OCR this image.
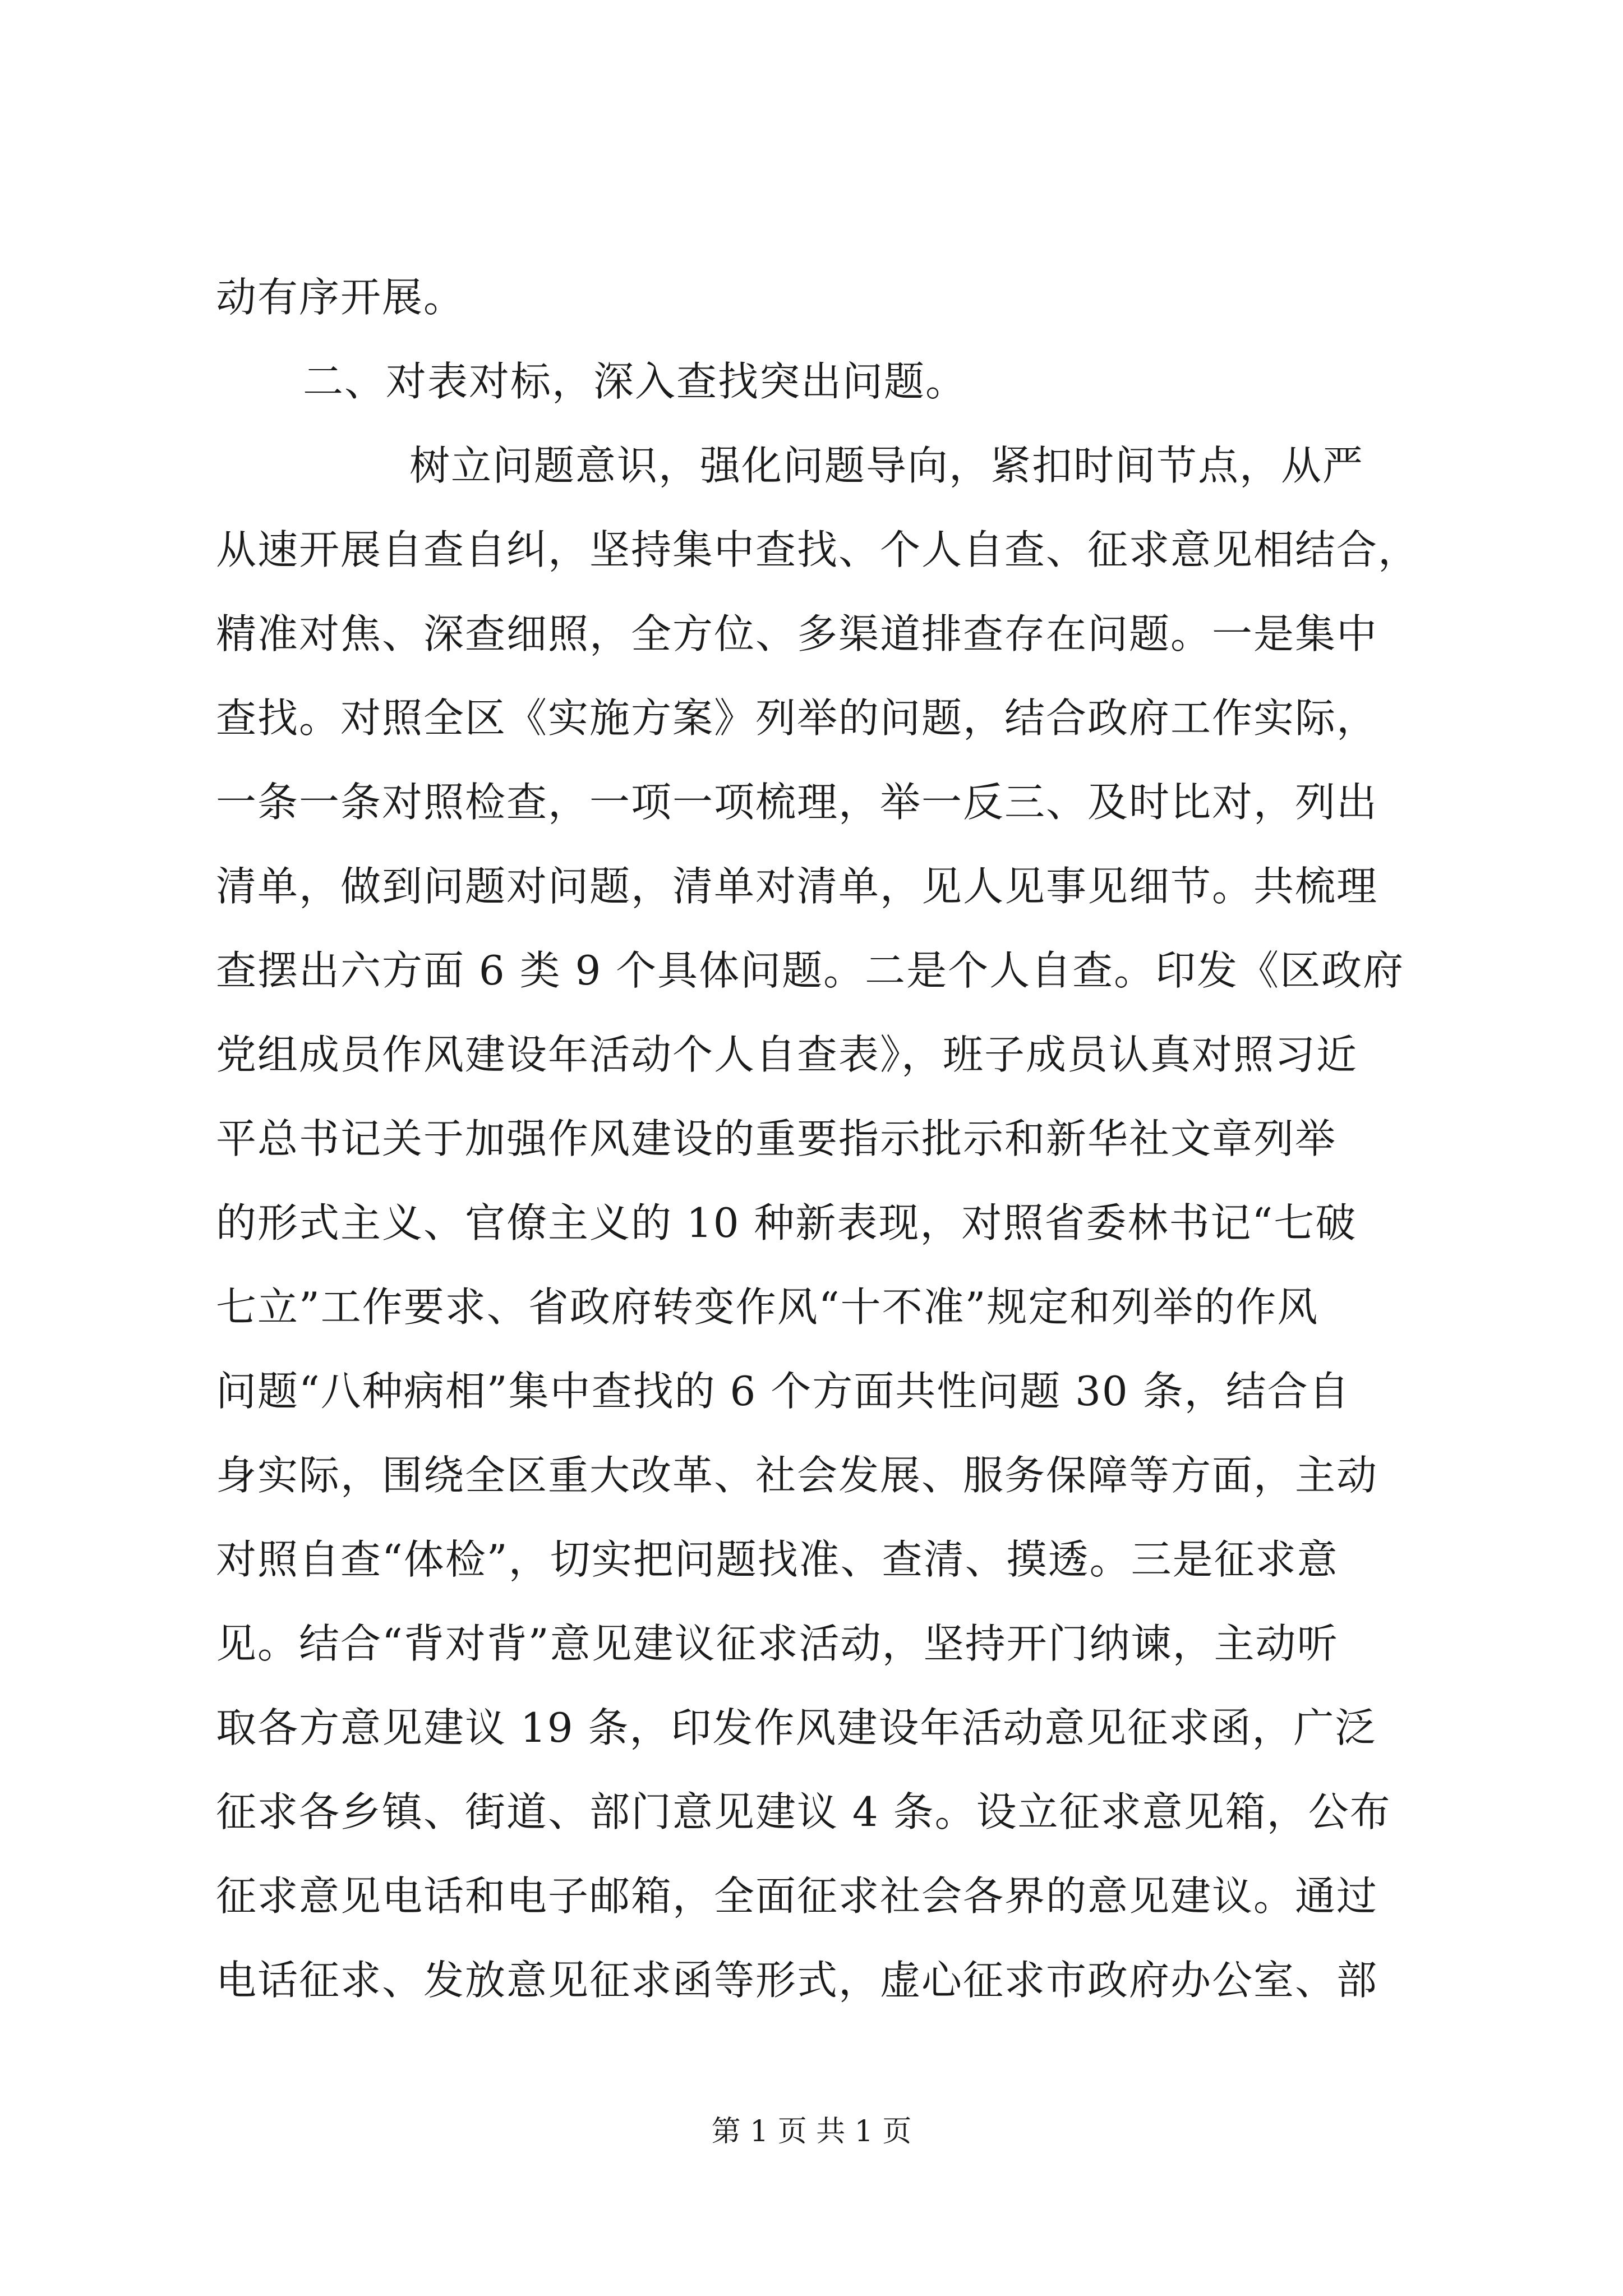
动有序开展。
二、对表对标，深入查找突出问题。
树立问题意识，强化问题导向，紧扣时间节点，从严
从速开展自查自纠，坚持集中查找、个人自查、征求意见相结合，
精准对焦、深查细照，全方位、多渠道排查存在问题。一是集中
查找。对照全区《实施方案》列举的问题，结合政府工作实际，
一条一条对照检查，一项一项梳理，举一反三、及时比对，列出
清单，做到问题对问题，清单对清单，见人见事见细节。共梳理
查摆出六方面 6 类 9 个具体问题。二是个人自查。印发《区政府
党组成员作风建设年活动个人自查表》，班子成员认真对照习近
平总书记关于加强作风建设的重要指示批示和新华社文章列举
的形式主义、官僚主义的 10 种新表现，对照省委林书记“七破
七立”工作要求、省政府转变作风“十不准”规定和列举的作风
问题“八种病相”集中查找的 6 个方面共性问题 30 条，结合自
身实际，围绕全区重大改革、社会发展、服务保障等方面，主动
对照自查“体检”，切实把问题找准、查清、摸透。三是征求意
见。结合“背对背”意见建议征求活动，坚持开门纳谏，主动听
取各方意见建议 19 条，印发作风建设年活动意见征求函，广泛
征求各乡镇、街道、部门意见建议 4 条。设立征求意见箱，公布
第 1 页 共 1 页
征求意见电话和电子邮箱，全面征求社会各界的意见建议。通过
电话征求、发放意见征求函等形式，虚心征求市政府办公室、部
